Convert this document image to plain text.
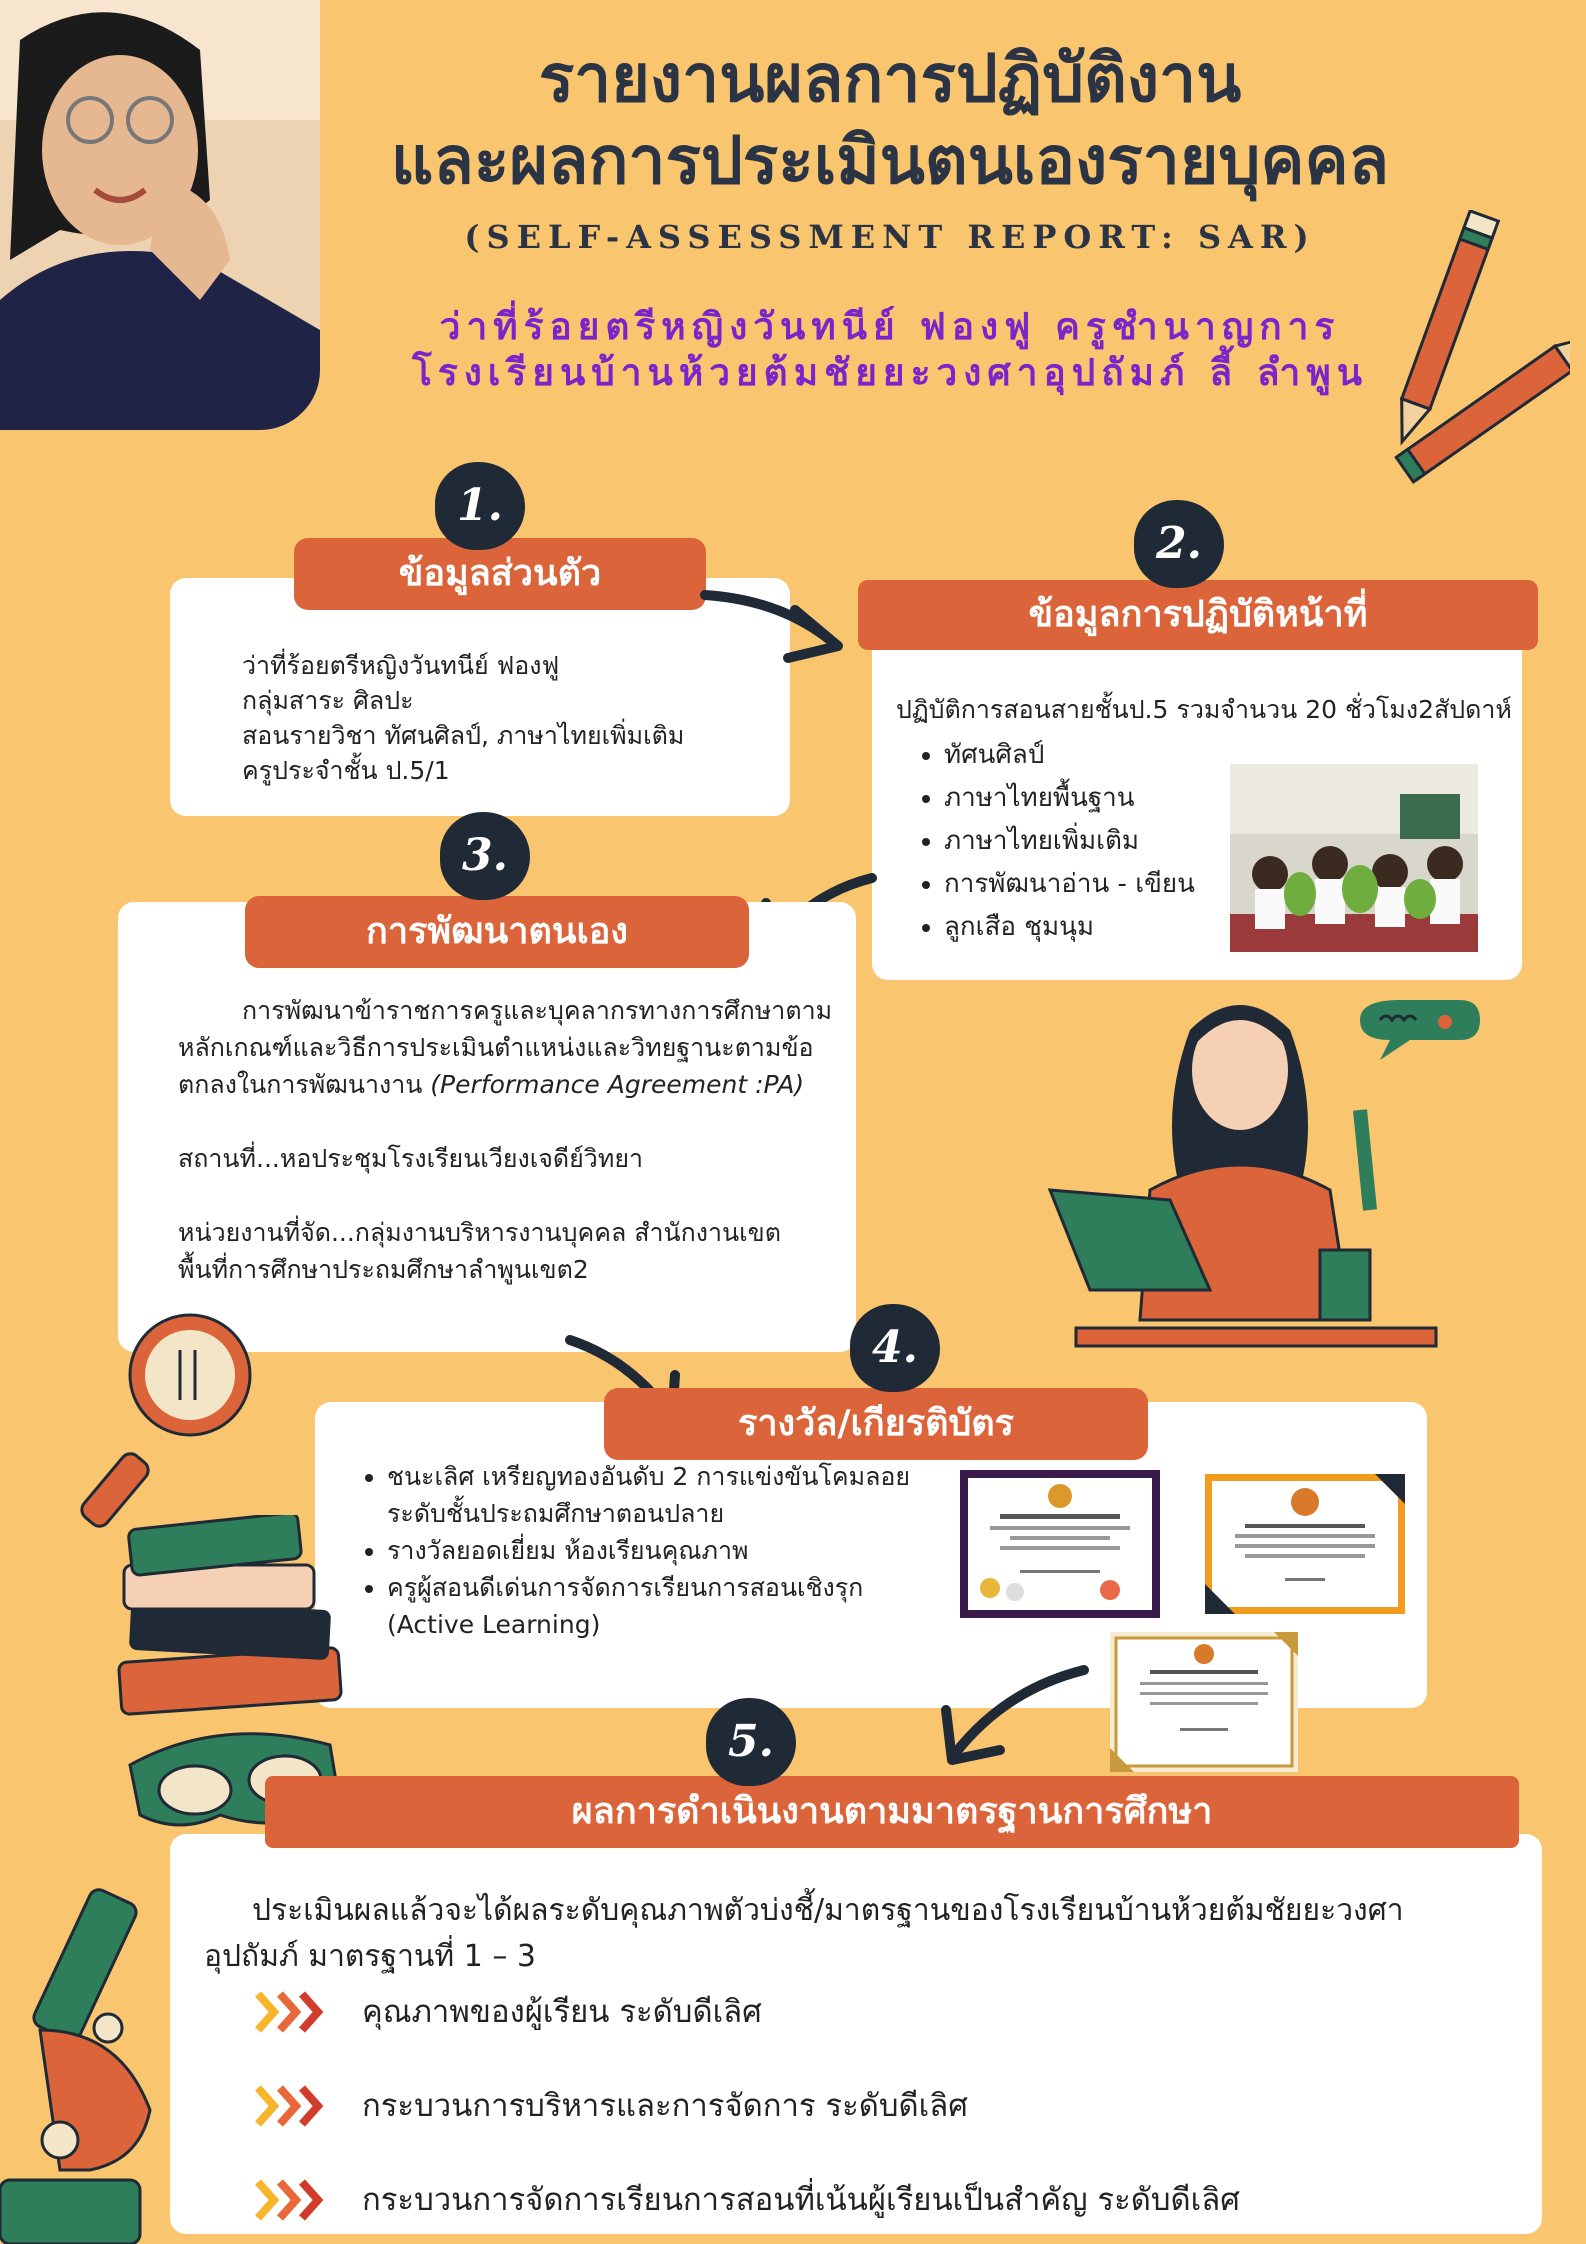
รายงานผลการปฏิบัติงาน
และผลการประเมินตนเองรายบุคคล
(SELF-ASSESSMENT REPORT: SAR)
ว่าที่ร้อยตรีหญิงวันทนีย์ ฟองฟู ครูชำนาญการ
โรงเรียนบ้านห้วยต้มชัยยะวงศาอุปถัมภ์ ลี้ ลำพูน
ว่าที่ร้อยตรีหญิงวันทนีย์ ฟองฟู
กลุ่มสาระ ศิลปะ
สอนรายวิชา ทัศนศิลป์, ภาษาไทยเพิ่มเติม
ครูประจำชั้น ป.5/1
ข้อมูลส่วนตัว
1.
ปฏิบัติการสอนสายชั้นป.5 รวมจำนวน 20 ชั่วโมง2สัปดาห์
• ทัศนศิลป์
• ภาษาไทยพื้นฐาน
• ภาษาไทยเพิ่มเติม
• การพัฒนาอ่าน - เขียน
• ลูกเสือ ชุมนุม
ข้อมูลการปฏิบัติหน้าที่
2.
การพัฒนาข้าราชการครูและบุคลากรทางการศึกษาตาม
หลักเกณฑ์และวิธีการประเมินตำแหน่งและวิทยฐานะตามข้อ
ตกลงในการพัฒนางาน (Performance Agreement :PA)
สถานที่...หอประชุมโรงเรียนเวียงเจดีย์วิทยา
หน่วยงานที่จัด...กลุ่มงานบริหารงานบุคคล สำนักงานเขต
พื้นที่การศึกษาประถมศึกษาลำพูนเขต2
การพัฒนาตนเอง
3.
• ชนะเลิศ เหรียญทองอันดับ 2 การแข่งขันโคมลอย
ระดับชั้นประถมศึกษาตอนปลาย
• รางวัลยอดเยี่ยม ห้องเรียนคุณภาพ
• ครูผู้สอนดีเด่นการจัดการเรียนการสอนเชิงรุก
(Active Learning)
รางวัล/เกียรติบัตร
4.
ประเมินผลแล้วจะได้ผลระดับคุณภาพตัวบ่งชี้/มาตรฐานของโรงเรียนบ้านห้วยต้มชัยยะวงศา
อุปถัมภ์ มาตรฐานที่ 1 – 3
คุณภาพของผู้เรียน ระดับดีเลิศ
กระบวนการบริหารและการจัดการ ระดับดีเลิศ
กระบวนการจัดการเรียนการสอนที่เน้นผู้เรียนเป็นสำคัญ ระดับดีเลิศ
ผลการดำเนินงานตามมาตรฐานการศึกษา
5.
